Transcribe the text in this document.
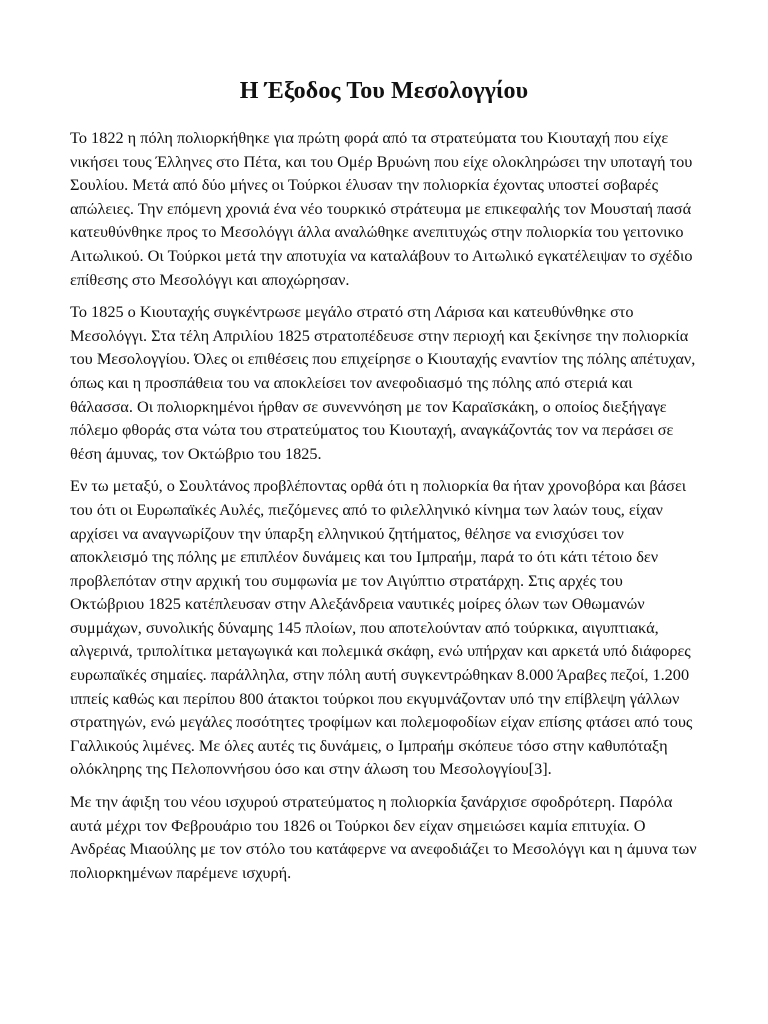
Η Έξοδος Του Μεσολογγίου

Το 1822 η πόλη πολιορκήθηκε για πρώτη φορά από τα στρατεύματα του Κιουταχή που είχε νικήσει τους Έλληνες στο Πέτα, και του Ομέρ Βρυώνη που είχε ολοκληρώσει την υποταγή του Σουλίου. Μετά από δύο μήνες οι Τούρκοι έλυσαν την πολιορκία έχοντας υποστεί σοβαρές απώλειες. Την επόμενη χρονιά ένα νέο τουρκικό στράτευμα με επικεφαλής τον Μουσταή πασά κατευθύνθηκε προς το Μεσολόγγι άλλα αναλώθηκε ανεπιτυχώς στην πολιορκία του γειτονικο Αιτωλικού. Οι Τούρκοι μετά την αποτυχία να καταλάβουν το Αιτωλικό εγκατέλειψαν το σχέδιο επίθεσης στο Μεσολόγγι και αποχώρησαν.

Το 1825 ο Κιουταχής συγκέντρωσε μεγάλο στρατό στη Λάρισα και κατευθύνθηκε στο Μεσολόγγι. Στα τέλη Απριλίου 1825 στρατοπέδευσε στην περιοχή και ξεκίνησε την πολιορκία του Μεσολογγίου. Όλες οι επιθέσεις που επιχείρησε ο Κιουταχής εναντίον της πόλης απέτυχαν, όπως και η προσπάθεια του να αποκλείσει τον ανεφοδιασμό της πόλης από στεριά και θάλασσα. Οι πολιορκημένοι ήρθαν σε συνεννόηση με τον Καραϊσκάκη, ο οποίος διεξήγαγε πόλεμο φθοράς στα νώτα του στρατεύματος του Κιουταχή, αναγκάζοντάς τον να περάσει σε θέση άμυνας, τον Οκτώβριο του 1825.

Εν τω μεταξύ, ο Σουλτάνος προβλέποντας ορθά ότι η πολιορκία θα ήταν χρονοβόρα και βάσει του ότι οι Ευρωπαϊκές Αυλές, πιεζόμενες από το φιλελληνικό κίνημα των λαών τους, είχαν αρχίσει να αναγνωρίζουν την ύπαρξη ελληνικού ζητήματος, θέλησε να ενισχύσει τον αποκλεισμό της πόλης με επιπλέον δυνάμεις και του Ιμπραήμ, παρά το ότι κάτι τέτοιο δεν προβλεπόταν στην αρχική του συμφωνία με τον Αιγύπτιο στρατάρχη. Στις αρχές του Οκτώβριου 1825 κατέπλευσαν στην Αλεξάνδρεια ναυτικές μοίρες όλων των Οθωμανών συμμάχων, συνολικής δύναμης 145 πλοίων, που αποτελούνταν από τούρκικα, αιγυπτιακά, αλγερινά, τριπολίτικα μεταγωγικά και πολεμικά σκάφη, ενώ υπήρχαν και αρκετά υπό διάφορες ευρωπαϊκές σημαίες. παράλληλα, στην πόλη αυτή συγκεντρώθηκαν 8.000 Άραβες πεζοί, 1.200 ιππείς καθώς και περίπου 800 άτακτοι τούρκοι που εκγυμνάζονταν υπό την επίβλεψη γάλλων στρατηγών, ενώ μεγάλες ποσότητες τροφίμων και πολεμοφοδίων είχαν επίσης φτάσει από τους Γαλλικούς λιμένες. Με όλες αυτές τις δυνάμεις, ο Ιμπραήμ σκόπευε τόσο στην καθυπόταξη ολόκληρης της Πελοποννήσου όσο και στην άλωση του Μεσολογγίου[3].

Με την άφιξη του νέου ισχυρού στρατεύματος η πολιορκία ξανάρχισε σφοδρότερη. Παρόλα αυτά μέχρι τον Φεβρουάριο του 1826 οι Τούρκοι δεν είχαν σημειώσει καμία επιτυχία. Ο Ανδρέας Μιαούλης με τον στόλο του κατάφερνε να ανεφοδιάζει το Μεσολόγγι και η άμυνα των πολιορκημένων παρέμενε ισχυρή.
